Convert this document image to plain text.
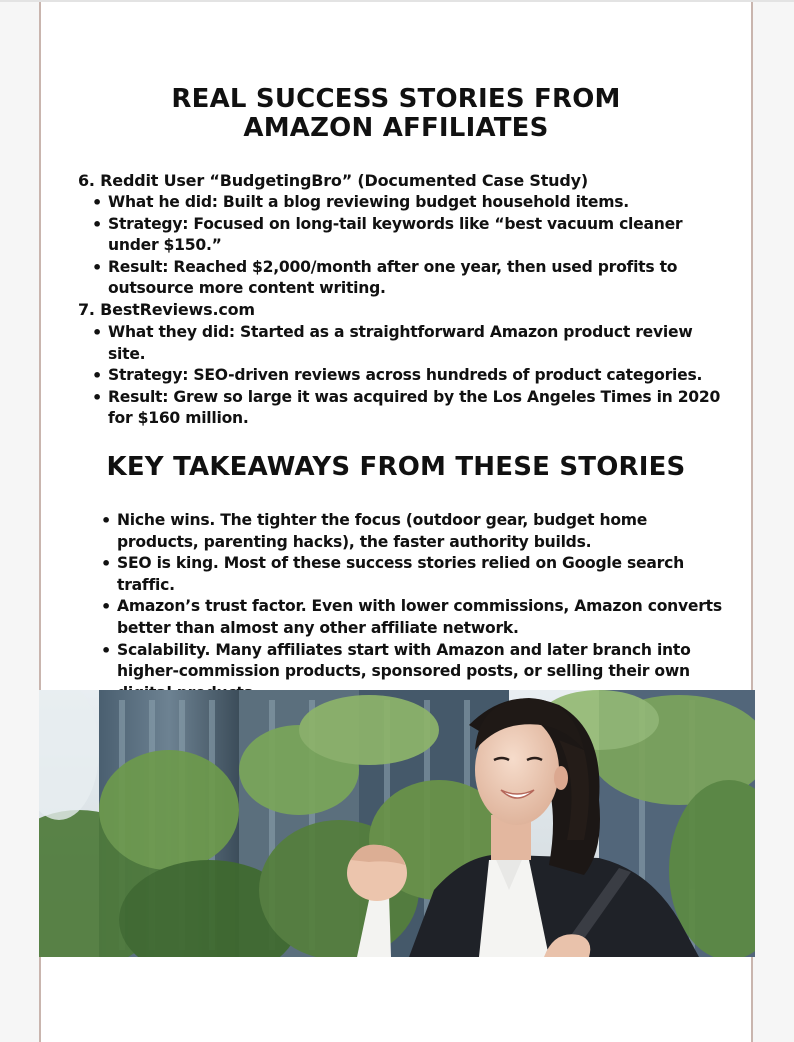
REAL SUCCESS STORIES FROM AMAZON AFFILIATES
6. Reddit User “BudgetingBro” (Documented Case Study)
• What he did: Built a blog reviewing budget household items.
• Strategy: Focused on long-tail keywords like “best vacuum cleaner under $150.”
• Result: Reached $2,000/month after one year, then used profits to outsource more content writing.
7. BestReviews.com
• What they did: Started as a straightforward Amazon product review site.
• Strategy: SEO-driven reviews across hundreds of product categories.
• Result: Grew so large it was acquired by the Los Angeles Times in 2020 for $160 million.
KEY TAKEAWAYS FROM THESE STORIES
• Niche wins. The tighter the focus (outdoor gear, budget home products, parenting hacks), the faster authority builds.
• SEO is king. Most of these success stories relied on Google search traffic.
• Amazon’s trust factor. Even with lower commissions, Amazon converts better than almost any other affiliate network.
• Scalability. Many affiliates start with Amazon and later branch into higher-commission products, sponsored posts, or selling their own
